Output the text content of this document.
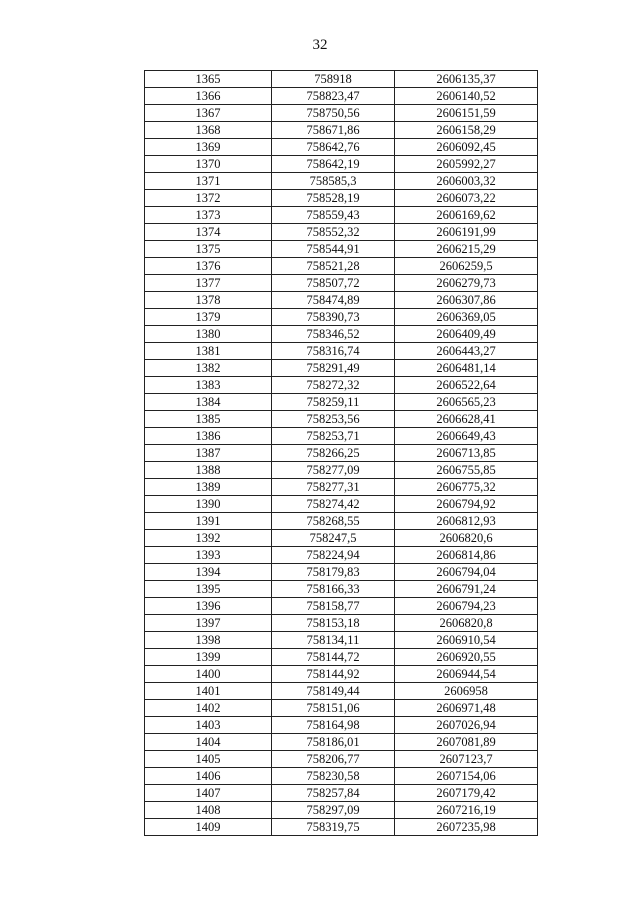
32
1365	758918	2606135,37
1366	758823,47	2606140,52
1367	758750,56	2606151,59
1368	758671,86	2606158,29
1369	758642,76	2606092,45
1370	758642,19	2605992,27
1371	758585,3	2606003,32
1372	758528,19	2606073,22
1373	758559,43	2606169,62
1374	758552,32	2606191,99
1375	758544,91	2606215,29
1376	758521,28	2606259,5
1377	758507,72	2606279,73
1378	758474,89	2606307,86
1379	758390,73	2606369,05
1380	758346,52	2606409,49
1381	758316,74	2606443,27
1382	758291,49	2606481,14
1383	758272,32	2606522,64
1384	758259,11	2606565,23
1385	758253,56	2606628,41
1386	758253,71	2606649,43
1387	758266,25	2606713,85
1388	758277,09	2606755,85
1389	758277,31	2606775,32
1390	758274,42	2606794,92
1391	758268,55	2606812,93
1392	758247,5	2606820,6
1393	758224,94	2606814,86
1394	758179,83	2606794,04
1395	758166,33	2606791,24
1396	758158,77	2606794,23
1397	758153,18	2606820,8
1398	758134,11	2606910,54
1399	758144,72	2606920,55
1400	758144,92	2606944,54
1401	758149,44	2606958
1402	758151,06	2606971,48
1403	758164,98	2607026,94
1404	758186,01	2607081,89
1405	758206,77	2607123,7
1406	758230,58	2607154,06
1407	758257,84	2607179,42
1408	758297,09	2607216,19
1409	758319,75	2607235,98
